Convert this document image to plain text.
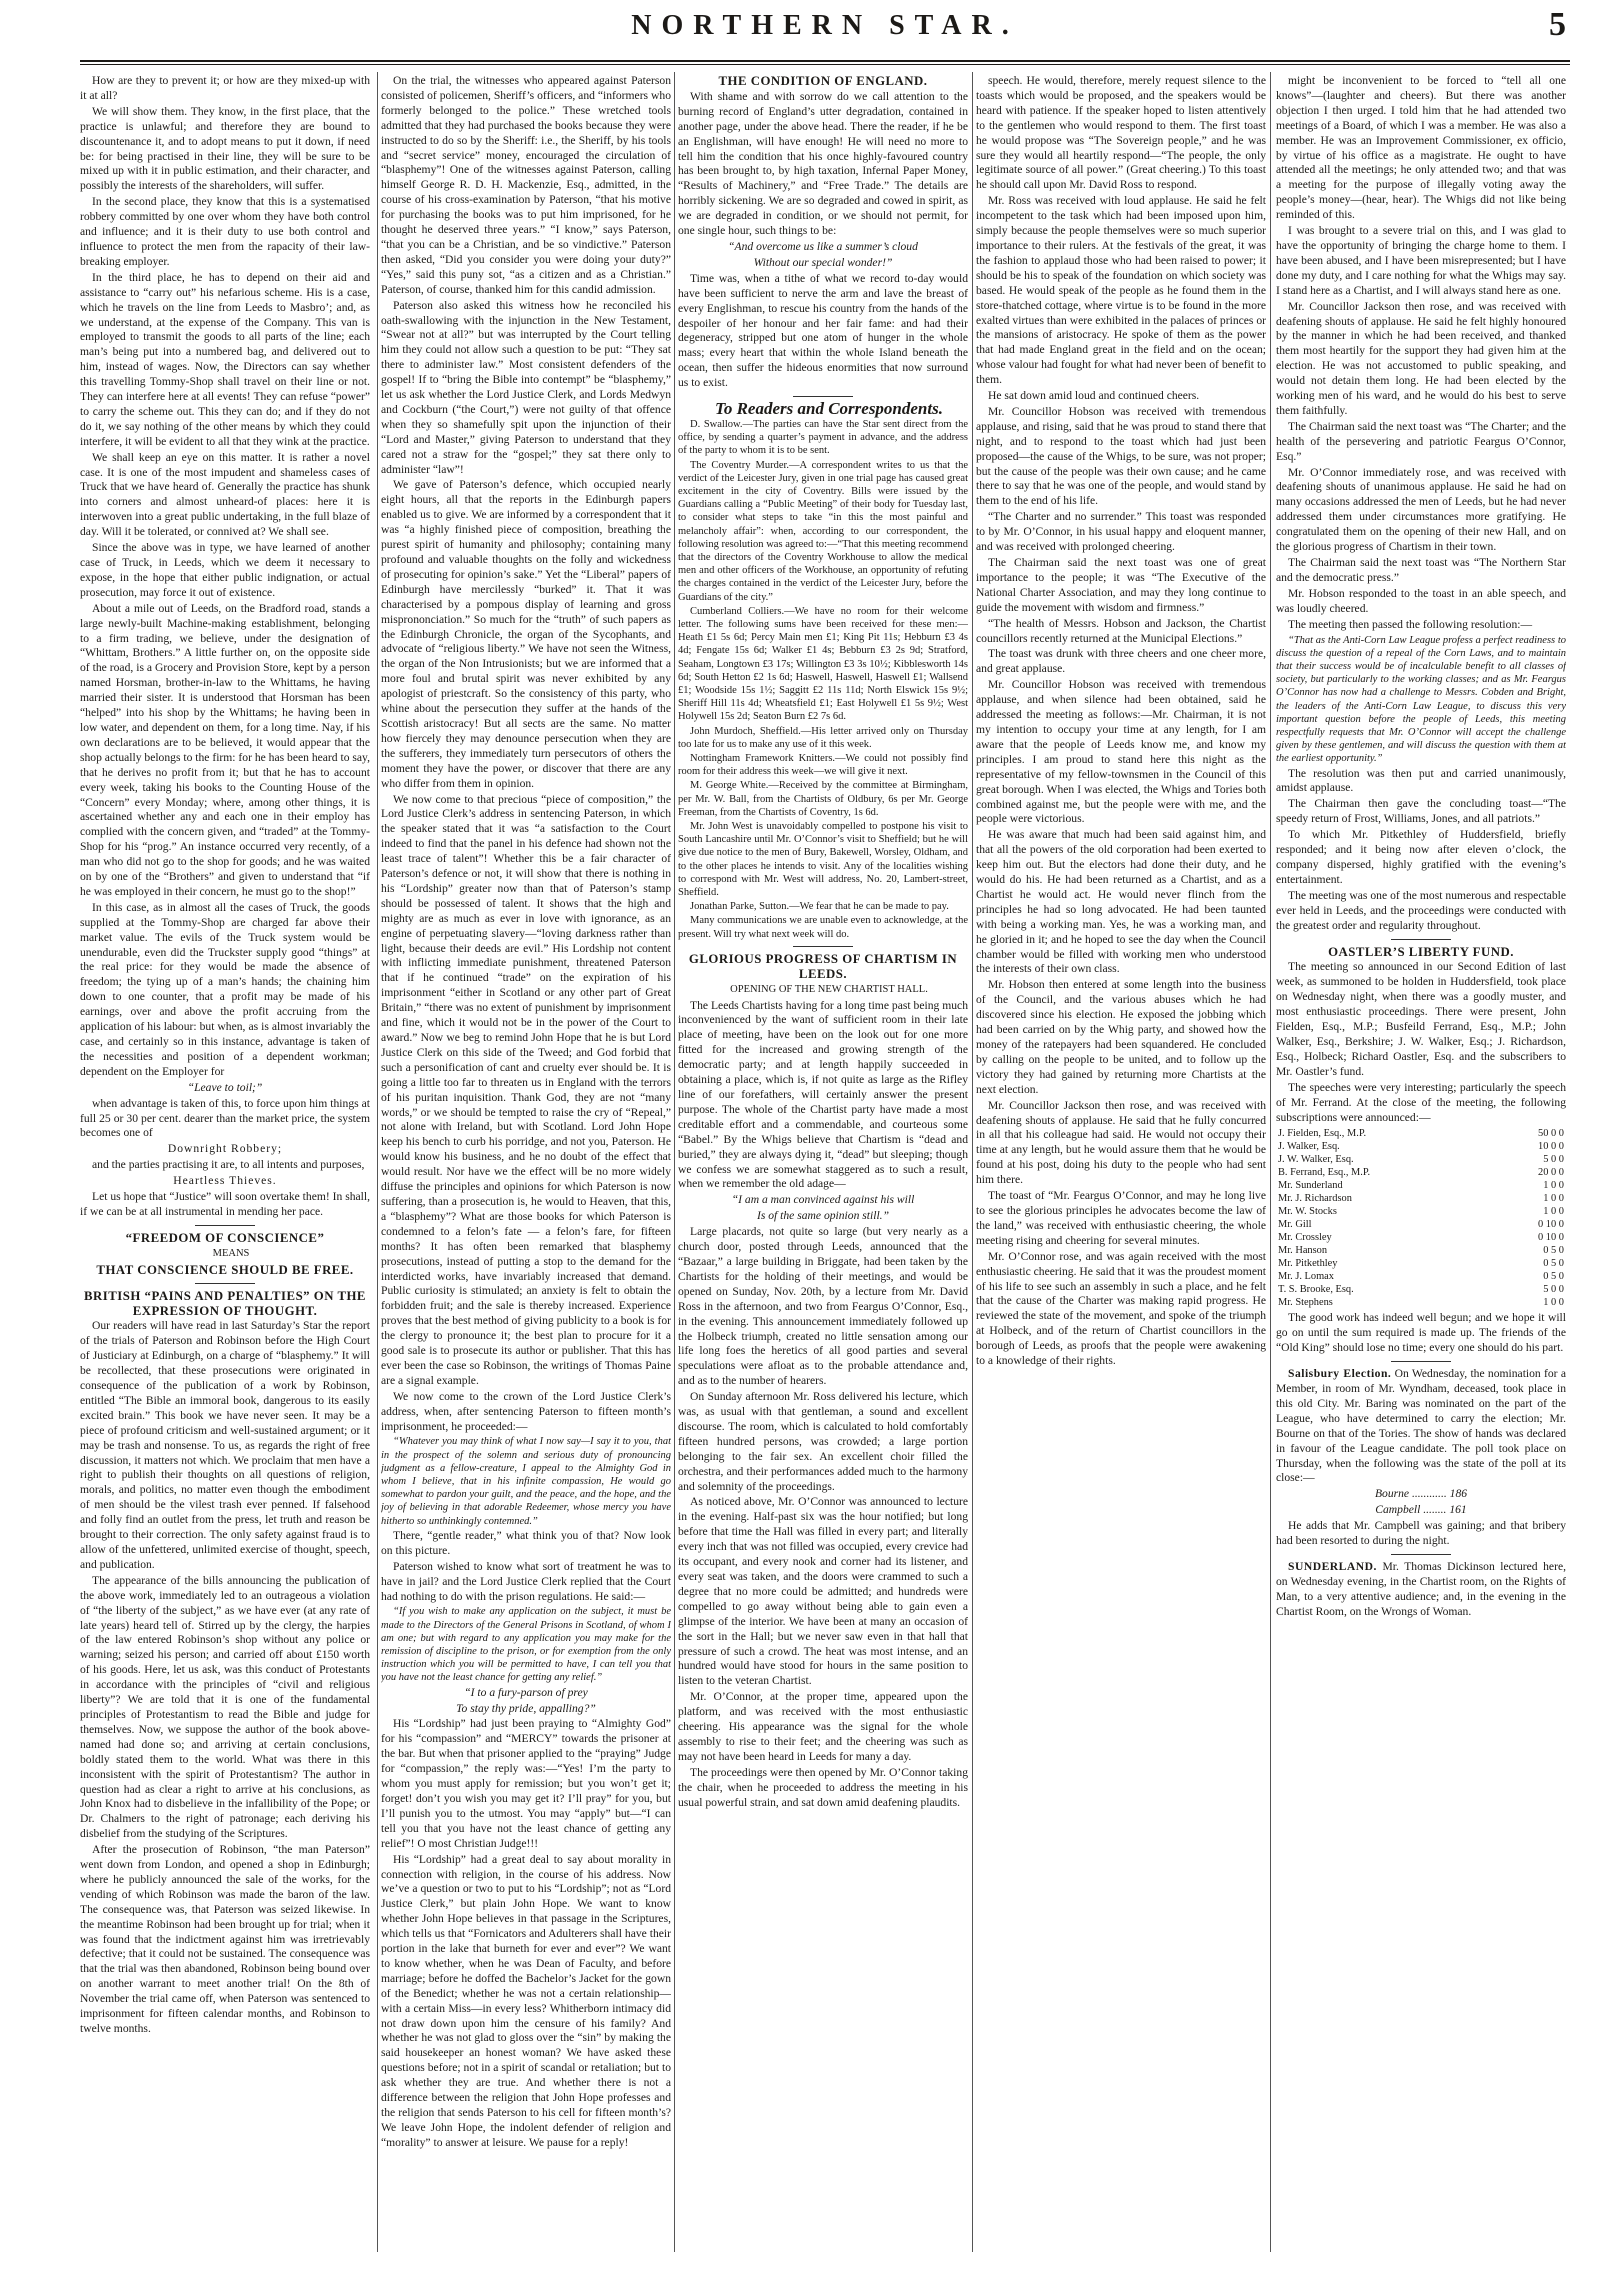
NORTHERN STAR.	5

How are they to prevent it; or how are they mixed-up with it at all?

We will show them. They know, in the first place, that the practice is unlawful; and therefore they are bound to discountenance it, and to adopt means to put it down, if need be: for being practised in their line, they will be sure to be mixed up with it in public estimation, and their character, and possibly the interests of the shareholders, will suffer.

In the second place, they know that this is a systematised robbery committed by one over whom they have both control and influence; and it is their duty to use both control and influence to protect the men from the rapacity of their law-breaking employer.

In the third place, he has to depend on their aid and assistance to “carry out” his nefarious scheme. His is a case, which he travels on the line from Leeds to Masbro’; and, as we understand, at the expense of the Company. This van is employed to transmit the goods to all parts of the line; each man’s being put into a numbered bag, and delivered out to him, instead of wages. Now, the Directors can say whether this travelling Tommy-Shop shall travel on their line or not. They can interfere here at all events! They can refuse “power” to carry the scheme out. This they can do; and if they do not do it, we say nothing of the other means by which they could interfere, it will be evident to all that they wink at the practice.

We shall keep an eye on this matter. It is rather a novel case. It is one of the most impudent and shameless cases of Truck that we have heard of. Generally the practice has shunk into corners and almost unheard-of places: here it is interwoven into a great public undertaking, in the full blaze of day. Will it be tolerated, or connived at? We shall see.

Since the above was in type, we have learned of another case of Truck, in Leeds, which we deem it necessary to expose, in the hope that either public indignation, or actual prosecution, may force it out of existence.

About a mile out of Leeds, on the Bradford road, stands a large newly-built Machine-making establishment, belonging to a firm trading, we believe, under the designation of “Whittam, Brothers.” A little further on, on the opposite side of the road, is a Grocery and Provision Store, kept by a person named Horsman, brother-in-law to the Whittams, he having married their sister. It is understood that Horsman has been “helped” into his shop by the Whittams; he having been in low water, and dependent on them, for a long time. Nay, if his own declarations are to be believed, it would appear that the shop actually belongs to the firm: for he has been heard to say, that he derives no profit from it; but that he has to account every week, taking his books to the Counting House of the “Concern” every Monday; where, among other things, it is ascertained whether any and each one in their employ has complied with the concern given, and “traded” at the Tommy-Shop for his “prog.” An instance occurred very recently, of a man who did not go to the shop for goods; and he was waited on by one of the “Brothers” and given to understand that “if he was employed in their concern, he must go to the shop!”

In this case, as in almost all the cases of Truck, the goods supplied at the Tommy-Shop are charged far above their market value. The evils of the Truck system would be unendurable, even did the Truckster supply good “things” at the real price: for they would be made the absence of freedom; the tying up of a man’s hands; the chaining him down to one counter, that a profit may be made of his earnings, over and above the profit accruing from the application of his labour: but when, as is almost invariably the case, and certainly so in this instance, advantage is taken of the necessities and position of a dependent workman; dependent on the Employer for

“Leave to toil;”

when advantage is taken of this, to force upon him things at full 25 or 30 per cent. dearer than the market price, the system becomes one of

Downright Robbery;

and the parties practising it are, to all intents and purposes,

Heartless Thieves.

Let us hope that “Justice” will soon overtake them! In shall, if we can be at all instrumental in mending her pace.

“FREEDOM OF CONSCIENCE”

MEANS

THAT CONSCIENCE SHOULD BE FREE.

BRITISH “PAINS AND PENALTIES” ON THE EXPRESSION OF THOUGHT.

Our readers will have read in last Saturday’s Star the report of the trials of Paterson and Robinson before the High Court of Justiciary at Edinburgh, on a charge of “blasphemy.” It will be recollected, that these prosecutions were originated in consequence of the publication of a work by Robinson, entitled “The Bible an immoral book, dangerous to its easily excited brain.” This book we have never seen. It may be a piece of profound criticism and well-sustained argument; or it may be trash and nonsense. To us, as regards the right of free discussion, it matters not which. We proclaim that men have a right to publish their thoughts on all questions of religion, morals, and politics, no matter even though the embodiment of men should be the vilest trash ever penned. If falsehood and folly find an outlet from the press, let truth and reason be brought to their correction. The only safety against fraud is to allow of the unfettered, unlimited exercise of thought, speech, and publication.

The appearance of the bills announcing the publication of the above work, immediately led to an outrageous a violation of “the liberty of the subject,” as we have ever (at any rate of late years) heard tell of. Stirred up by the clergy, the harpies of the law entered Robinson’s shop without any police or warning; seized his person; and carried off about £150 worth of his goods. Here, let us ask, was this conduct of Protestants in accordance with the principles of “civil and religious liberty”? We are told that it is one of the fundamental principles of Protestantism to read the Bible and judge for themselves. Now, we suppose the author of the book above-named had done so; and arriving at certain conclusions, boldly stated them to the world. What was there in this inconsistent with the spirit of Protestantism? The author in question had as clear a right to arrive at his conclusions, as John Knox had to disbelieve in the infallibility of the Pope; or Dr. Chalmers to the right of patronage; each deriving his disbelief from the studying of the Scriptures.

After the prosecution of Robinson, “the man Paterson” went down from London, and opened a shop in Edinburgh; where he publicly announced the sale of the works, for the vending of which Robinson was made the baron of the law. The consequence was, that Paterson was seized likewise. In the meantime Robinson had been brought up for trial; when it was found that the indictment against him was irretrievably defective; that it could not be sustained. The consequence was that the trial was then abandoned, Robinson being bound over on another warrant to meet another trial! On the 8th of November the trial came off, when Paterson was sentenced to imprisonment for fifteen calendar months, and Robinson to twelve months.

On the trial, the witnesses who appeared against Paterson consisted of policemen, Sheriff’s officers, and “informers who formerly belonged to the police.” These wretched tools admitted that they had purchased the books because they were instructed to do so by the Sheriff: i.e., the Sheriff, by his tools and “secret service” money, encouraged the circulation of “blasphemy”! One of the witnesses against Paterson, calling himself George R. D. H. Mackenzie, Esq., admitted, in the course of his cross-examination by Paterson, “that his motive for purchasing the books was to put him imprisoned, for he thought he deserved three years.” “I know,” says Paterson, “that you can be a Christian, and be so vindictive.” Paterson then asked, “Did you consider you were doing your duty?” “Yes,” said this puny sot, “as a citizen and as a Christian.” Paterson, of course, thanked him for this candid admission.

Paterson also asked this witness how he reconciled his oath-swallowing with the injunction in the New Testament, “Swear not at all?” but was interrupted by the Court telling him they could not allow such a question to be put: “They sat there to administer law.” Most consistent defenders of the gospel! If to “bring the Bible into contempt” be “blasphemy,” let us ask whether the Lord Justice Clerk, and Lords Medwyn and Cockburn (“the Court,”) were not guilty of that offence when they so shamefully spit upon the injunction of their “Lord and Master,” giving Paterson to understand that they cared not a straw for the “gospel;” they sat there only to administer “law”!

We gave of Paterson’s defence, which occupied nearly eight hours, all that the reports in the Edinburgh papers enabled us to give. We are informed by a correspondent that it was “a highly finished piece of composition, breathing the purest spirit of humanity and philosophy; containing many profound and valuable thoughts on the folly and wickedness of prosecuting for opinion’s sake.” Yet the “Liberal” papers of Edinburgh have mercilessly “burked” it. That it was characterised by a pompous display of learning and gross misprononciation.” So much for the “truth” of such papers as the Edinburgh Chronicle, the organ of the Sycophants, and advocate of “religious liberty.” We have not seen the Witness, the organ of the Non Intrusionists; but we are informed that a more foul and brutal spirit was never exhibited by any apologist of priestcraft. So the consistency of this party, who whine about the persecution they suffer at the hands of the Scottish aristocracy! But all sects are the same. No matter how fiercely they may denounce persecution when they are the sufferers, they immediately turn persecutors of others the moment they have the power, or discover that there are any who differ from them in opinion.

We now come to that precious “piece of composition,” the Lord Justice Clerk’s address in sentencing Paterson, in which the speaker stated that it was “a satisfaction to the Court indeed to find that the panel in his defence had shown not the least trace of talent”! Whether this be a fair character of Paterson’s defence or not, it will show that there is nothing in his “Lordship” greater now than that of Paterson’s stamp should be possessed of talent. It shows that the high and mighty are as much as ever in love with ignorance, as an engine of perpetuating slavery—“loving darkness rather than light, because their deeds are evil.” His Lordship not content with inflicting immediate punishment, threatened Paterson that if he continued “trade” on the expiration of his imprisonment “either in Scotland or any other part of Great Britain,” “there was no extent of punishment by imprisonment and fine, which it would not be in the power of the Court to award.” Now we beg to remind John Hope that he is but Lord Justice Clerk on this side of the Tweed; and God forbid that such a personification of cant and cruelty ever should be. It is going a little too far to threaten us in England with the terrors of his puritan inquisition. Thank God, they are not “many words,” or we should be tempted to raise the cry of “Repeal,” not alone with Ireland, but with Scotland. Lord John Hope keep his bench to curb his porridge, and not you, Paterson. He would know his business, and he no doubt of the effect that would result. Nor have we the effect will be no more widely diffuse the principles and opinions for which Paterson is now suffering, than a prosecution is, he would to Heaven, that this, a “blasphemy”? What are those books for which Paterson is condemned to a felon’s fate — a felon’s fare, for fifteen months? It has often been remarked that blasphemy prosecutions, instead of putting a stop to the demand for the interdicted works, have invariably increased that demand. Public curiosity is stimulated; an anxiety is felt to obtain the forbidden fruit; and the sale is thereby increased. Experience proves that the best method of giving publicity to a book is for the clergy to pronounce it; the best plan to procure for it a good sale is to prosecute its author or publisher. That this has ever been the case so Robinson, the writings of Thomas Paine are a signal example.

We now come to the crown of the Lord Justice Clerk’s address, when, after sentencing Paterson to fifteen month’s imprisonment, he proceeded:—

“Whatever you may think of what I now say—I say it to you, that in the prospect of the solemn and serious duty of pronouncing judgment as a fellow-creature, I appeal to the Almighty God in whom I believe, that in his infinite compassion, He would go somewhat to pardon your guilt, and the peace, and the hope, and the joy of believing in that adorable Redeemer, whose mercy you have hitherto so unthinkingly contemned.”

There, “gentle reader,” what think you of that? Now look on this picture.

Paterson wished to know what sort of treatment he was to have in jail? and the Lord Justice Clerk replied that the Court had nothing to do with the prison regulations. He said:—

“If you wish to make any application on the subject, it must be made to the Directors of the General Prisons in Scotland, of whom I am one; but with regard to any application you may make for the remission of discipline to the prison, or for exemption from the only instruction which you will be permitted to have, I can tell you that you have not the least chance for getting any relief.”

“I to a fury-parson of prey

To stay thy pride, appalling?”

His “Lordship” had just been praying to “Almighty God” for his “compassion” and “MERCY” towards the prisoner at the bar. But when that prisoner applied to the “praying” Judge for “compassion,” the reply was:—“Yes! I’m the party to whom you must apply for remission; but you won’t get it; forget! don’t you wish you may get it? I’ll pray” for you, but I’ll punish you to the utmost. You may “apply” but—“I can tell you that you have not the least chance of getting any relief”! O most Christian Judge!!!

His “Lordship” had a great deal to say about morality in connection with religion, in the course of his address. Now we’ve a question or two to put to his “Lordship”; not as “Lord Justice Clerk,” but plain John Hope. We want to know whether John Hope believes in that passage in the Scriptures, which tells us that “Fornicators and Adulterers shall have their portion in the lake that burneth for ever and ever”? We want to know whether, when he was Dean of Faculty, and before marriage; before he doffed the Bachelor’s Jacket for the gown of the Benedict; whether he was not a certain relationship—with a certain Miss—in every less? Whitherborn intimacy did not draw down upon him the censure of his family? And whether he was not glad to gloss over the “sin” by making the said housekeeper an honest woman? We have asked these questions before; not in a spirit of scandal or retaliation; but to ask whether they are true. And whether there is not a difference between the religion that John Hope professes and the religion that sends Paterson to his cell for fifteen month’s? We leave John Hope, the indolent defender of religion and “morality” to answer at leisure. We pause for a reply!

THE CONDITION OF ENGLAND.

With shame and with sorrow do we call attention to the burning record of England’s utter degradation, contained in another page, under the above head. There the reader, if he be an Englishman, will have enough! He will need no more to tell him the condition that his once highly-favoured country has been brought to, by high taxation, Infernal Paper Money, “Results of Machinery,” and “Free Trade.” The details are horribly sickening. We are so degraded and cowed in spirit, as we are degraded in condition, or we should not permit, for one single hour, such things to be:

“And overcome us like a summer’s cloud

Without our special wonder!”

Time was, when a tithe of what we record to-day would have been sufficient to nerve the arm and lave the breast of every Englishman, to rescue his country from the hands of the despoiler of her honour and her fair fame: and had their degeneracy, stripped but one atom of hunger in the whole mass; every heart that within the whole Island beneath the ocean, then suffer the hideous enormities that now surround us to exist.

To Readers and Correspondents.

D. Swallow.—The parties can have the Star sent direct from the office, by sending a quarter’s payment in advance, and the address of the party to whom it is to be sent.

The Coventry Murder.—A correspondent writes to us that the verdict of the Leicester Jury, given in one trial page has caused great excitement in the city of Coventry. Bills were issued by the Guardians calling a “Public Meeting” of their body for Tuesday last, to consider what steps to take “in this the most painful and melancholy affair”: when, according to our correspondent, the following resolution was agreed to:—“That this meeting recommend that the directors of the Coventry Workhouse to allow the medical men and other officers of the Workhouse, an opportunity of refuting the charges contained in the verdict of the Leicester Jury, before the Guardians of the city.”

Cumberland Colliers.—We have no room for their welcome letter. The following sums have been received for these men:—Heath £1 5s 6d; Percy Main men £1; King Pit 11s; Hebburn £3 4s 4d; Fengate 15s 6d; Walker £1 4s; Bebburn £3 2s 9d; Stratford, Seaham, Longtown £3 17s; Willington £3 3s 10½; Kibblesworth 14s 6d; South Hetton £2 1s 6d; Haswell, Haswell, Haswell £1; Wallsend £1; Woodside 15s 1½; Saggitt £2 11s 11d; North Elswick 15s 9½; Sheriff Hill 11s 4d; Wheatsfield £1; East Holywell £1 5s 9½; West Holywell 15s 2d; Seaton Burn £2 7s 6d.

John Murdoch, Sheffield.—His letter arrived only on Thursday too late for us to make any use of it this week.

Nottingham Framework Knitters.—We could not possibly find room for their address this week—we will give it next.

M. George White.—Received by the committee at Birmingham, per Mr. W. Ball, from the Chartists of Oldbury, 6s per Mr. George Freeman, from the Chartists of Coventry, 1s 6d.

Mr. John West is unavoidably compelled to postpone his visit to South Lancashire until Mr. O’Connor’s visit to Sheffield; but he will give due notice to the men of Bury, Bakewell, Worsley, Oldham, and to the other places he intends to visit. Any of the localities wishing to correspond with Mr. West will address, No. 20, Lambert-street, Sheffield.

Jonathan Parke, Sutton.—We fear that he can be made to pay.

Many communications we are unable even to acknowledge, at the present. Will try what next week will do.

GLORIOUS PROGRESS OF CHARTISM IN LEEDS.

OPENING OF THE NEW CHARTIST HALL.

The Leeds Chartists having for a long time past being much inconvenienced by the want of sufficient room in their late place of meeting, have been on the look out for one more fitted for the increased and growing strength of the democratic party; and at length happily succeeded in obtaining a place, which is, if not quite as large as the Rifley line of our forefathers, will certainly answer the present purpose. The whole of the Chartist party have made a most creditable effort and a commendable, and courteous some “Babel.” By the Whigs believe that Chartism is “dead and buried,” they are always dying it, “dead” but sleeping; though we confess we are somewhat staggered as to such a result, when we remember the old adage—

“I am a man convinced against his will

Is of the same opinion still.”

Large placards, not quite so large (but very nearly as a church door, posted through Leeds, announced that the “Bazaar,” a large building in Briggate, had been taken by the Chartists for the holding of their meetings, and would be opened on Sunday, Nov. 20th, by a lecture from Mr. David Ross in the afternoon, and two from Feargus O’Connor, Esq., in the evening. This announcement immediately followed up the Holbeck triumph, created no little sensation among our life long foes the heretics of all good parties and several speculations were afloat as to the probable attendance and, and as to the number of hearers.

On Sunday afternoon Mr. Ross delivered his lecture, which was, as usual with that gentleman, a sound and excellent discourse. The room, which is calculated to hold comfortably fifteen hundred persons, was crowded; a large portion belonging to the fair sex. An excellent choir filled the orchestra, and their performances added much to the harmony and solemnity of the proceedings.

As noticed above, Mr. O’Connor was announced to lecture in the evening. Half-past six was the hour notified; but long before that time the Hall was filled in every part; and literally every inch that was not filled was occupied, every crevice had its occupant, and every nook and corner had its listener, and every seat was taken, and the doors were crammed to such a degree that no more could be admitted; and hundreds were compelled to go away without being able to gain even a glimpse of the interior. We have been at many an occasion of the sort in the Hall; but we never saw even in that hall that pressure of such a crowd. The heat was most intense, and an hundred would have stood for hours in the same position to listen to the veteran Chartist.

Mr. O’Connor, at the proper time, appeared upon the platform, and was received with the most enthusiastic cheering. His appearance was the signal for the whole assembly to rise to their feet; and the cheering was such as may not have been heard in Leeds for many a day.

The proceedings were then opened by Mr. O’Connor taking the chair, when he proceeded to address the meeting in his usual powerful strain, and sat down amid deafening plaudits.

speech. He would, therefore, merely request silence to the toasts which would be proposed, and the speakers would be heard with patience. If the speaker hoped to listen attentively to the gentlemen who would respond to them. The first toast he would propose was “The Sovereign people,” and he was sure they would all heartily respond—“The people, the only legitimate source of all power.” (Great cheering.) To this toast he should call upon Mr. David Ross to respond.

Mr. Ross was received with loud applause. He said he felt incompetent to the task which had been imposed upon him, simply because the people themselves were so much superior importance to their rulers. At the festivals of the great, it was the fashion to applaud those who had been raised to power; it should be his to speak of the foundation on which society was based. He would speak of the people as he found them in the store-thatched cottage, where virtue is to be found in the more exalted virtues than were exhibited in the palaces of princes or the mansions of aristocracy. He spoke of them as the power that had made England great in the field and on the ocean; whose valour had fought for what had never been of benefit to them.

He sat down amid loud and continued cheers.

Mr. Councillor Hobson was received with tremendous applause, and rising, said that he was proud to stand there that night, and to respond to the toast which had just been proposed—the cause of the Whigs, to be sure, was not proper; but the cause of the people was their own cause; and he came there to say that he was one of the people, and would stand by them to the end of his life.

“The Charter and no surrender.” This toast was responded to by Mr. O’Connor, in his usual happy and eloquent manner, and was received with prolonged cheering.

The Chairman said the next toast was one of great importance to the people; it was “The Executive of the National Charter Association, and may they long continue to guide the movement with wisdom and firmness.”

“The health of Messrs. Hobson and Jackson, the Chartist councillors recently returned at the Municipal Elections.”

The toast was drunk with three cheers and one cheer more, and great applause.

Mr. Councillor Hobson was received with tremendous applause, and when silence had been obtained, said he addressed the meeting as follows:—Mr. Chairman, it is not my intention to occupy your time at any length, for I am aware that the people of Leeds know me, and know my principles. I am proud to stand here this night as the representative of my fellow-townsmen in the Council of this great borough. When I was elected, the Whigs and Tories both combined against me, but the people were with me, and the people were victorious.

He was aware that much had been said against him, and that all the powers of the old corporation had been exerted to keep him out. But the electors had done their duty, and he would do his. He had been returned as a Chartist, and as a Chartist he would act. He would never flinch from the principles he had so long advocated. He had been taunted with being a working man. Yes, he was a working man, and he gloried in it; and he hoped to see the day when the Council chamber would be filled with working men who understood the interests of their own class.

Mr. Hobson then entered at some length into the business of the Council, and the various abuses which he had discovered since his election. He exposed the jobbing which had been carried on by the Whig party, and showed how the money of the ratepayers had been squandered. He concluded by calling on the people to be united, and to follow up the victory they had gained by returning more Chartists at the next election.

Mr. Councillor Jackson then rose, and was received with deafening shouts of applause. He said that he fully concurred in all that his colleague had said. He would not occupy their time at any length, but he would assure them that he would be found at his post, doing his duty to the people who had sent him there.

The toast of “Mr. Feargus O’Connor, and may he long live to see the glorious principles he advocates become the law of the land,” was received with enthusiastic cheering, the whole meeting rising and cheering for several minutes.

Mr. O’Connor rose, and was again received with the most enthusiastic cheering. He said that it was the proudest moment of his life to see such an assembly in such a place, and he felt that the cause of the Charter was making rapid progress. He reviewed the state of the movement, and spoke of the triumph at Holbeck, and of the return of Chartist councillors in the borough of Leeds, as proofs that the people were awakening to a knowledge of their rights.

might be inconvenient to be forced to “tell all one knows”—(laughter and cheers). But there was another objection I then urged. I told him that he had attended two meetings of a Board, of which I was a member. He was also a member. He was an Improvement Commissioner, ex officio, by virtue of his office as a magistrate. He ought to have attended all the meetings; he only attended two; and that was a meeting for the purpose of illegally voting away the people’s money—(hear, hear). The Whigs did not like being reminded of this.

I was brought to a severe trial on this, and I was glad to have the opportunity of bringing the charge home to them. I have been abused, and I have been misrepresented; but I have done my duty, and I care nothing for what the Whigs may say. I stand here as a Chartist, and I will always stand here as one.

Mr. Councillor Jackson then rose, and was received with deafening shouts of applause. He said he felt highly honoured by the manner in which he had been received, and thanked them most heartily for the support they had given him at the election. He was not accustomed to public speaking, and would not detain them long. He had been elected by the working men of his ward, and he would do his best to serve them faithfully.

The Chairman said the next toast was “The Charter; and the health of the persevering and patriotic Feargus O’Connor, Esq.”

Mr. O’Connor immediately rose, and was received with deafening shouts of unanimous applause. He said he had on many occasions addressed the men of Leeds, but he had never addressed them under circumstances more gratifying. He congratulated them on the opening of their new Hall, and on the glorious progress of Chartism in their town.

The Chairman said the next toast was “The Northern Star and the democratic press.”

Mr. Hobson responded to the toast in an able speech, and was loudly cheered.

The meeting then passed the following resolution:—

“That as the Anti-Corn Law League profess a perfect readiness to discuss the question of a repeal of the Corn Laws, and to maintain that their success would be of incalculable benefit to all classes of society, but particularly to the working classes; and as Mr. Feargus O’Connor has now had a challenge to Messrs. Cobden and Bright, the leaders of the Anti-Corn Law League, to discuss this very important question before the people of Leeds, this meeting respectfully requests that Mr. O’Connor will accept the challenge given by these gentlemen, and will discuss the question with them at the earliest opportunity.”

The resolution was then put and carried unanimously, amidst applause.

The Chairman then gave the concluding toast—“The speedy return of Frost, Williams, Jones, and all patriots.”

To which Mr. Pitkethley of Huddersfield, briefly responded; and it being now after eleven o’clock, the company dispersed, highly gratified with the evening’s entertainment.

The meeting was one of the most numerous and respectable ever held in Leeds, and the proceedings were conducted with the greatest order and regularity throughout.

OASTLER’S LIBERTY FUND.

The meeting so announced in our Second Edition of last week, as summoned to be holden in Huddersfield, took place on Wednesday night, when there was a goodly muster, and most enthusiastic proceedings. There were present, John Fielden, Esq., M.P.; Busfeild Ferrand, Esq., M.P.; John Walker, Esq., Berkshire; J. W. Walker, Esq.; J. Richardson, Esq., Holbeck; Richard Oastler, Esq. and the subscribers to Mr. Oastler’s fund.

The speeches were very interesting; particularly the speech of Mr. Ferrand. At the close of the meeting, the following subscriptions were announced:—

J. Fielden, Esq., M.P.	50 0 0
J. Walker, Esq.	10 0 0
J. W. Walker, Esq.	5 0 0
B. Ferrand, Esq., M.P.	20 0 0
Mr. Sunderland	1 0 0
Mr. J. Richardson	1 0 0
Mr. W. Stocks	1 0 0
Mr. Gill	0 10 0
Mr. Crossley	0 10 0
Mr. Hanson	0 5 0
Mr. Pitkethley	0 5 0
Mr. J. Lomax	0 5 0
T. S. Brooke, Esq.	5 0 0
Mr. Stephens	1 0 0

The good work has indeed well begun; and we hope it will go on until the sum required is made up. The friends of the “Old King” should lose no time; every one should do his part.

Salisbury Election. On Wednesday, the nomination for a Member, in room of Mr. Wyndham, deceased, took place in this old City. Mr. Baring was nominated on the part of the League, who have determined to carry the election; Mr. Bourne on that of the Tories. The show of hands was declared in favour of the League candidate. The poll took place on Thursday, when the following was the state of the poll at its close:—

Bourne ............ 186

Campbell ........ 161

He adds that Mr. Campbell was gaining; and that bribery had been resorted to during the night.

SUNDERLAND. Mr. Thomas Dickinson lectured here, on Wednesday evening, in the Chartist room, on the Rights of Man, to a very attentive audience; and, in the evening in the Chartist Room, on the Wrongs of Woman.
